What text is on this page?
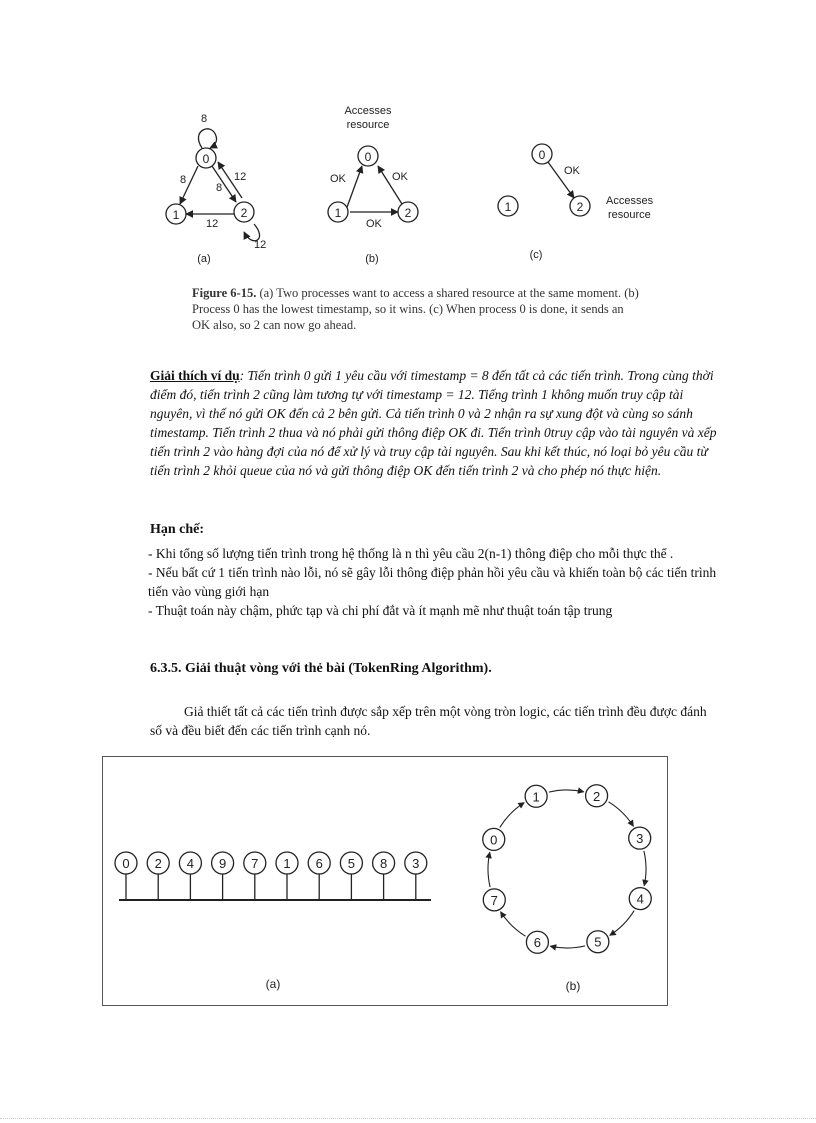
0
1	2
8
8
8
12
12
12
(a)
Accesses
resource
0
1	2
OK	OK
OK
(b)
0
1	2
OK
Accesses
resource
(c)
Figure 6-15. (a) Two processes want to access a shared resource at the same moment. (b) Process 0 has the lowest timestamp, so it wins. (c) When process 0 is done, it sends an OK also, so 2 can now go ahead.
Giải thích ví dụ: Tiến trình 0 gửi 1 yêu cầu với timestamp = 8 đến tất cả các tiến trình. Trong cùng thời điểm đó, tiến trình 2 cũng làm tương tự với timestamp = 12. Tiếng trình 1 không muốn truy cập tài nguyên, vì thế nó gửi OK đến cả 2 bên gửi. Cả tiến trình 0 và 2 nhận ra sự xung đột và cùng so sánh timestamp. Tiến trình 2 thua và nó phải gửi thông điệp OK đi. Tiến trình 0truy cập vào tài nguyên và xếp tiến trình 2 vào hàng đợi của nó để xử lý và truy cập tài nguyên. Sau khi kết thúc, nó loại bỏ yêu cầu từ tiến trình 2 khỏi queue của nó và gửi thông điệp OK đến tiến trình 2 và cho phép nó thực hiện.
Hạn chế:
- Khi tổng số lượng tiến trình trong hệ thống là n thì yêu cầu 2(n-1) thông điệp cho mỗi thực thể .
- Nếu bất cứ 1 tiến trình nào lỗi, nó sẽ gây lỗi thông điệp phản hồi yêu cầu và khiến toàn bộ các tiến trình tiến vào vùng giới hạn
- Thuật toán này chậm, phức tạp và chi phí đắt và ít mạnh mẽ như thuật toán tập trung
6.3.5. Giải thuật vòng với thẻ bài (TokenRing Algorithm).
Giả thiết tất cả các tiến trình được sắp xếp trên một vòng tròn logic, các tiến trình đều được đánh số và đều biết đến các tiến trình cạnh nó.
0 2 4 9 7 1 6 5 8 3
(a)
2
3
4
5
6
7
0
1
(b)
